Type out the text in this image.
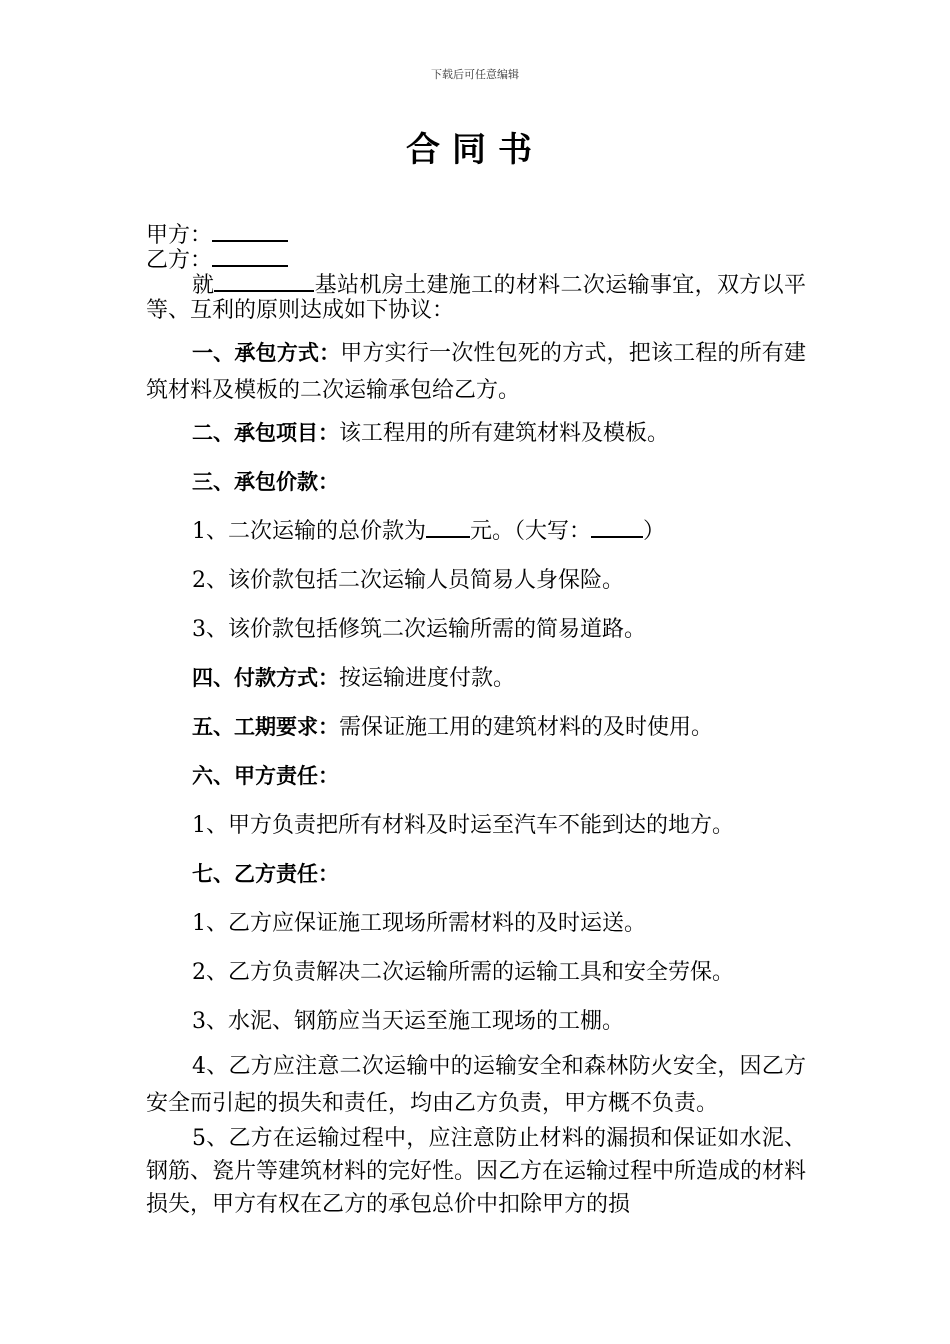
下载后可任意编辑
合同书
甲方：
乙方：
就	基站机房土建施工的材料二次运输事宜，双方以平等、互利的原则达成如下协议：
一、承包方式：甲方实行一次性包死的方式，把该工程的所有建筑材料及模板的二次运输承包给乙方。
二、承包项目：该工程用的所有建筑材料及模板。
三、承包价款：
1、二次运输的总价款为 元。（大写： ）
2、该价款包括二次运输人员简易人身保险。
3、该价款包括修筑二次运输所需的简易道路。
四、付款方式：按运输进度付款。
五、工期要求：需保证施工用的建筑材料的及时使用。
六、甲方责任：
1、甲方负责把所有材料及时运至汽车不能到达的地方。
七、乙方责任：
1、乙方应保证施工现场所需材料的及时运送。
2、乙方负责解决二次运输所需的运输工具和安全劳保。
3、水泥、钢筋应当天运至施工现场的工棚。
4、乙方应注意二次运输中的运输安全和森林防火安全，因乙方安全而引起的损失和责任，均由乙方负责，甲方概不负责。
5、乙方在运输过程中，应注意防止材料的漏损和保证如水泥、钢筋、瓷片等建筑材料的完好性。因乙方在运输过程中所造成的材料损失，甲方有权在乙方的承包总价中扣除甲方的损
